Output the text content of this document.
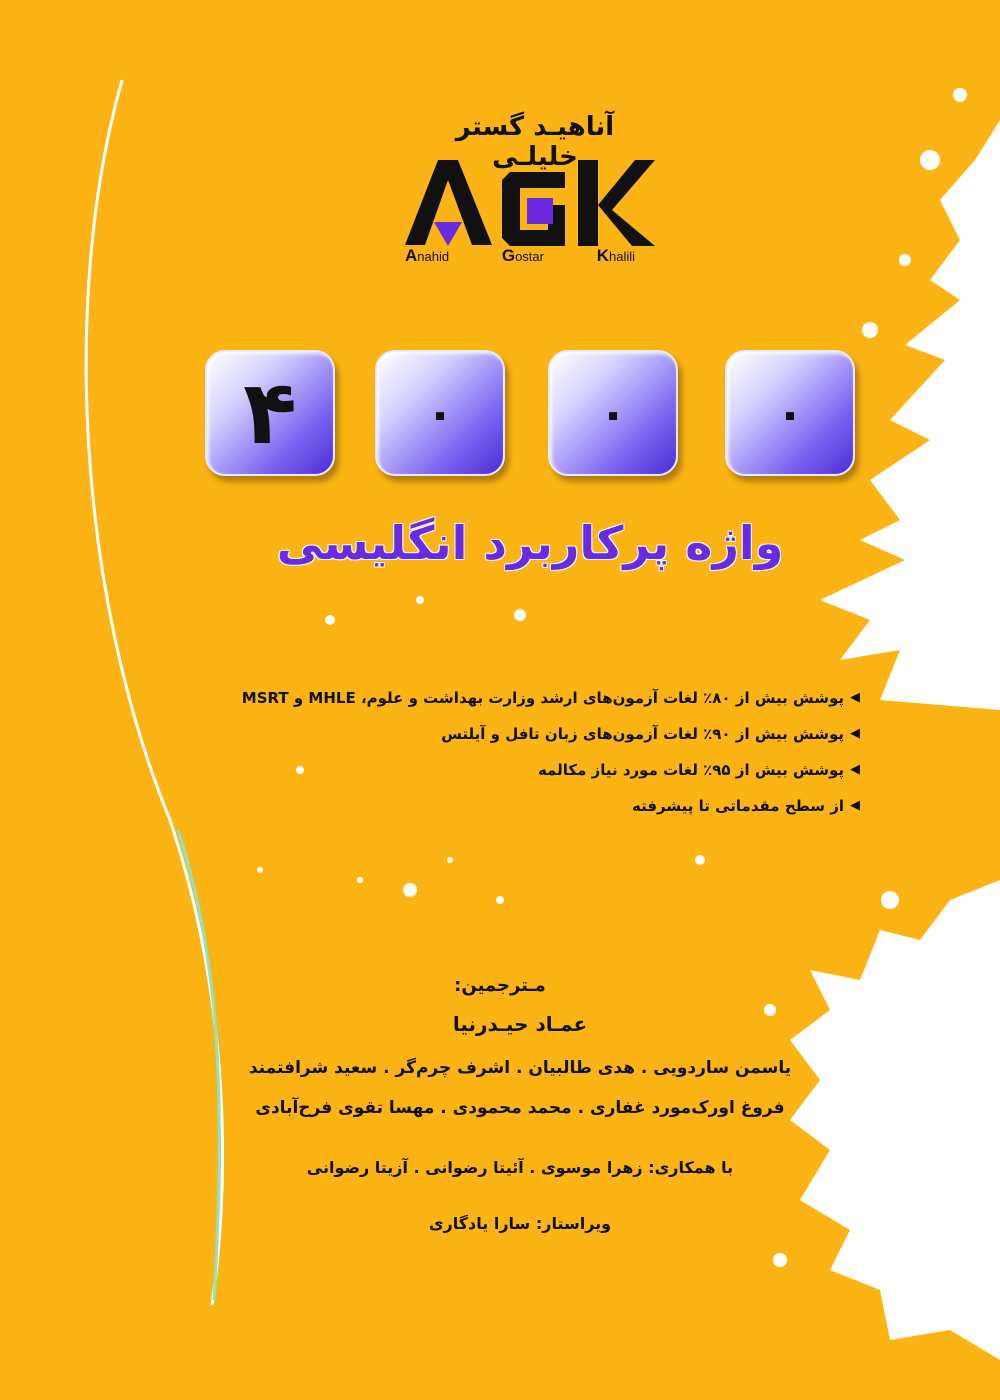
آناهیـد گستر خلیلـی
Anahid	Gostar	Khalili
۴	۰	۰	۰
واژه پرکاربرد انگلیسی
◀
پوشش بیش از ۸۰٪ لغات آزمون‌های ارشد وزارت بهداشت و علوم، MHLE و MSRT
◀
پوشش بیش از ۹۰٪ لغات آزمون‌های زبان تافل و آیلتس
◀
پوشش بیش از ۹۵٪ لغات مورد نیاز مکالمه
◀
از سطح مقدماتی تا پیشرفته
مـترجمین:
عمـاد حیـدرنیا
یاسمن ساردویی . هدی طالبیان . اشرف چرم‌گر . سعید شرافتمند
فروغ اورک‌مورد غفاری . محمد محمودی . مهسا تقوی فرح‌آبادی
با همکاری: زهرا موسوی . آئیتا رضوانی . آزیتا رضوانی
ویراستار: سارا یادگاری
